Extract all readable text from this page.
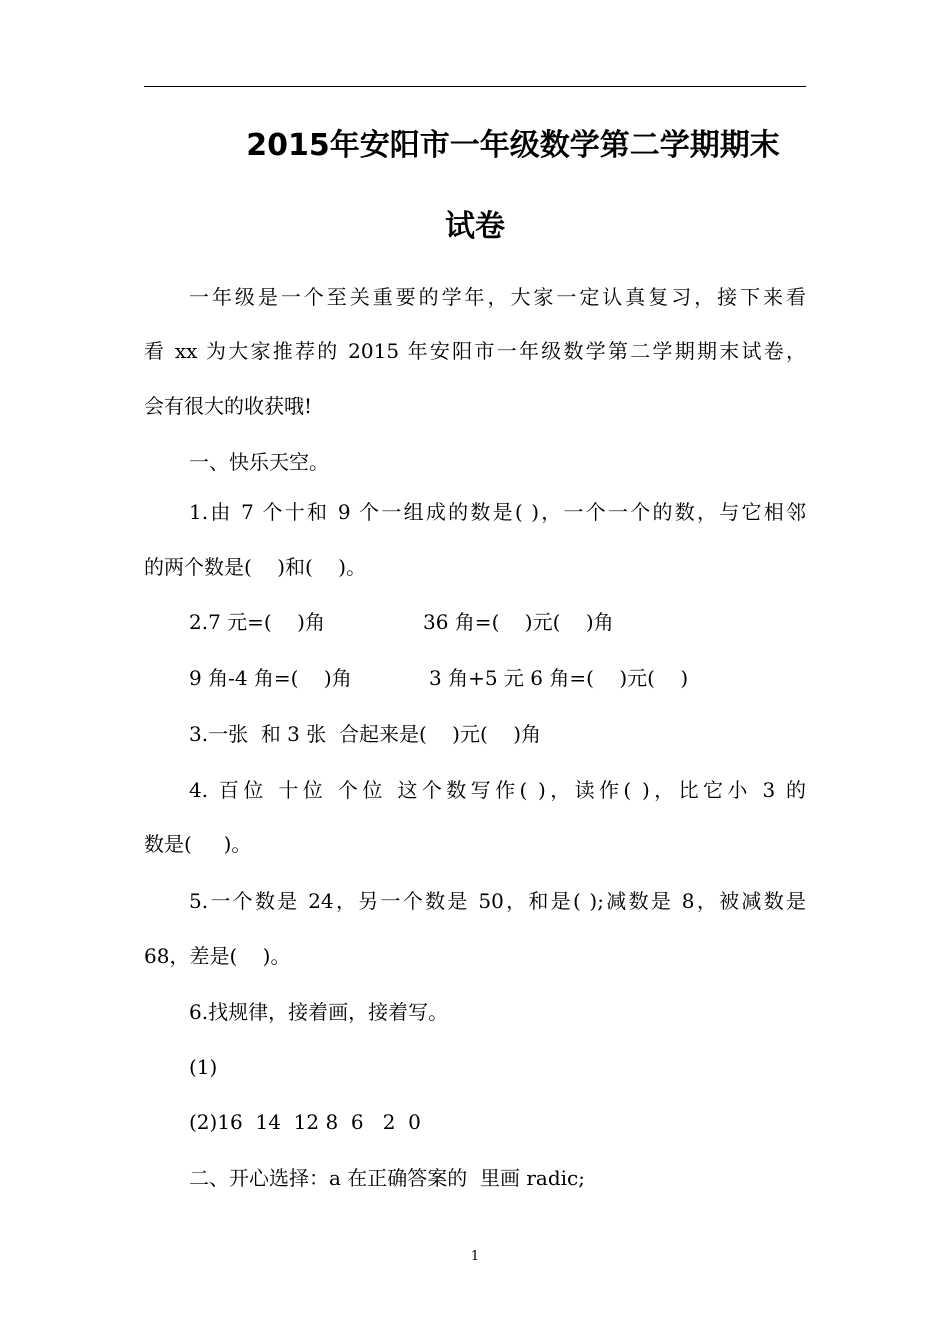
2015年安阳市一年级数学第二学期期末
试卷
一年级是一个至关重要的学年，大家一定认真复习，接下来看
看 xx 为大家推荐的 2015 年安阳市一年级数学第二学期期末试卷，
会有很大的收获哦!
一、快乐天空。
1.由 7 个十和 9 个一组成的数是( )，一个一个的数，与它相邻
的两个数是(    )和(    )。
2.7 元=(    )角	36 角=(    )元(    )角
9 角-4 角=(    )角	3 角+5 元 6 角=(    )元(    )
3.一张  和 3 张  合起来是(    )元(    )角
4. 百位 十位 个位 这个数写作( )，读作( )，比它小 3 的
数是(     )。
5.一个数是 24，另一个数是 50，和是( );减数是 8，被减数是
68，差是(    )。
6.找规律，接着画，接着写。
(1)
(2)16  14  12 8  6   2  0
二、开心选择：a 在正确答案的  里画 radic;
1
